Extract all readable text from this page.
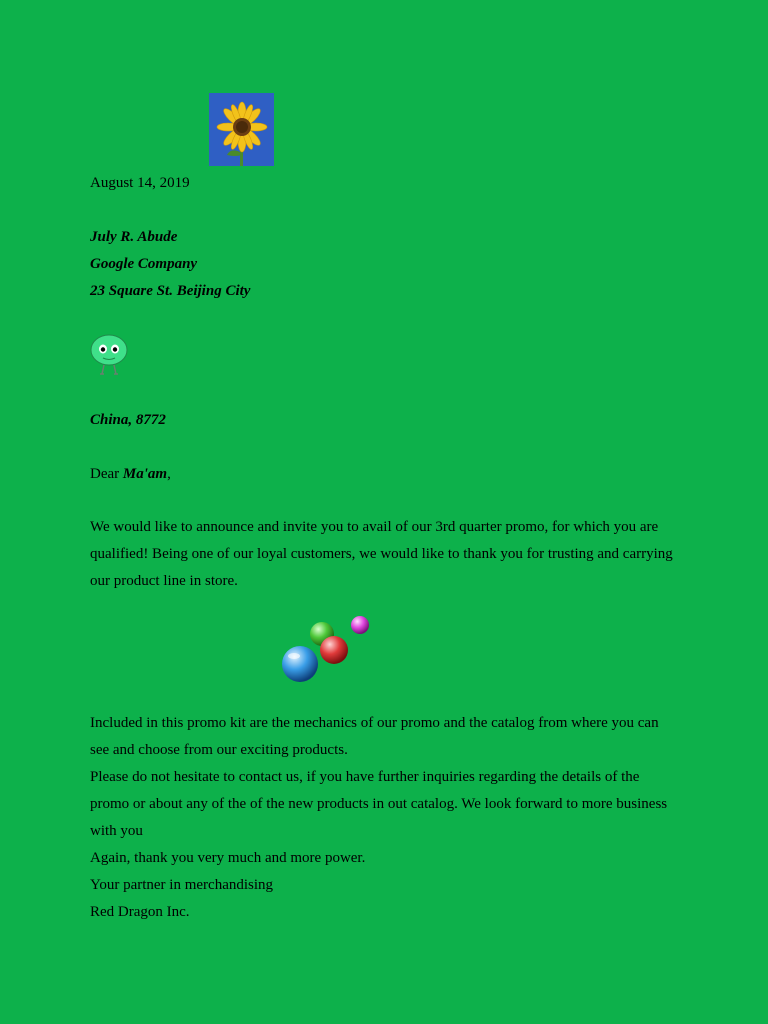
August 14, 2019
July R. Abude
Google Company
23 Square St. Beijing City
China, 8772
Dear Ma'am,
We would like to announce and invite you to avail of our 3rd quarter promo, for which you are
qualified! Being one of our loyal customers, we would like to thank you for trusting and carrying
our product line in store.
Included in this promo kit are the mechanics of our promo and the catalog from where you can
see and choose from our exciting products.
Please do not hesitate to contact us, if you have further inquiries regarding the details of the
promo or about any of the of the new products in out catalog. We look forward to more business
with you
Again, thank you very much and more power.
Your partner in merchandising
Red Dragon Inc.
